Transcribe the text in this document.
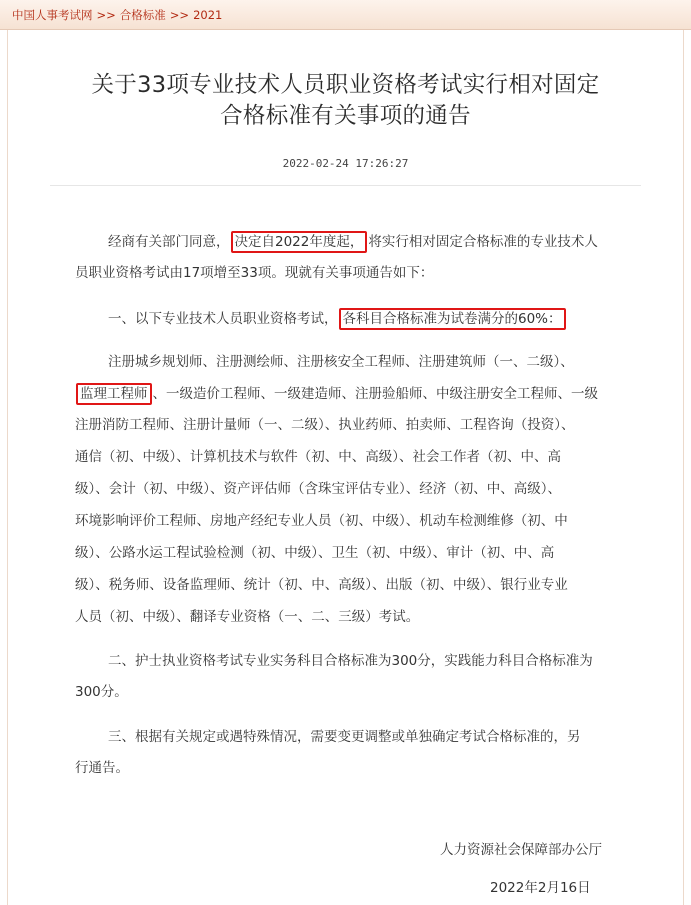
中国人事考试网 >> 合格标准 >> 2021
关于33项专业技术人员职业资格考试实行相对固定
合格标准有关事项的通告
2022-02-24 17:26:27
经商有关部门同意， 决定自2022年度起， 将实行相对固定合格标准的专业技术人
员职业资格考试由17项增至33项。现就有关事项通告如下：
一、以下专业技术人员职业资格考试， 各科目合格标准为试卷满分的60%：
注册城乡规划师、注册测绘师、注册核安全工程师、注册建筑师（一、二级）、
监理工程师 、一级造价工程师、一级建造师、注册验船师、中级注册安全工程师、一级
注册消防工程师、注册计量师（一、二级）、执业药师、拍卖师、工程咨询（投资）、
通信（初、中级）、计算机技术与软件（初、中、高级）、社会工作者（初、中、高
级）、会计（初、中级）、资产评估师（含珠宝评估专业）、经济（初、中、高级）、
环境影响评价工程师、房地产经纪专业人员（初、中级）、机动车检测维修（初、中
级）、公路水运工程试验检测（初、中级）、卫生（初、中级）、审计（初、中、高
级）、税务师、设备监理师、统计（初、中、高级）、出版（初、中级）、银行业专业
人员（初、中级）、翻译专业资格（一、二、三级）考试。
二、护士执业资格考试专业实务科目合格标准为300分，实践能力科目合格标准为
300分。
三、根据有关规定或遇特殊情况，需要变更调整或单独确定考试合格标准的，另
行通告。
人力资源社会保障部办公厅
2022年2月16日
